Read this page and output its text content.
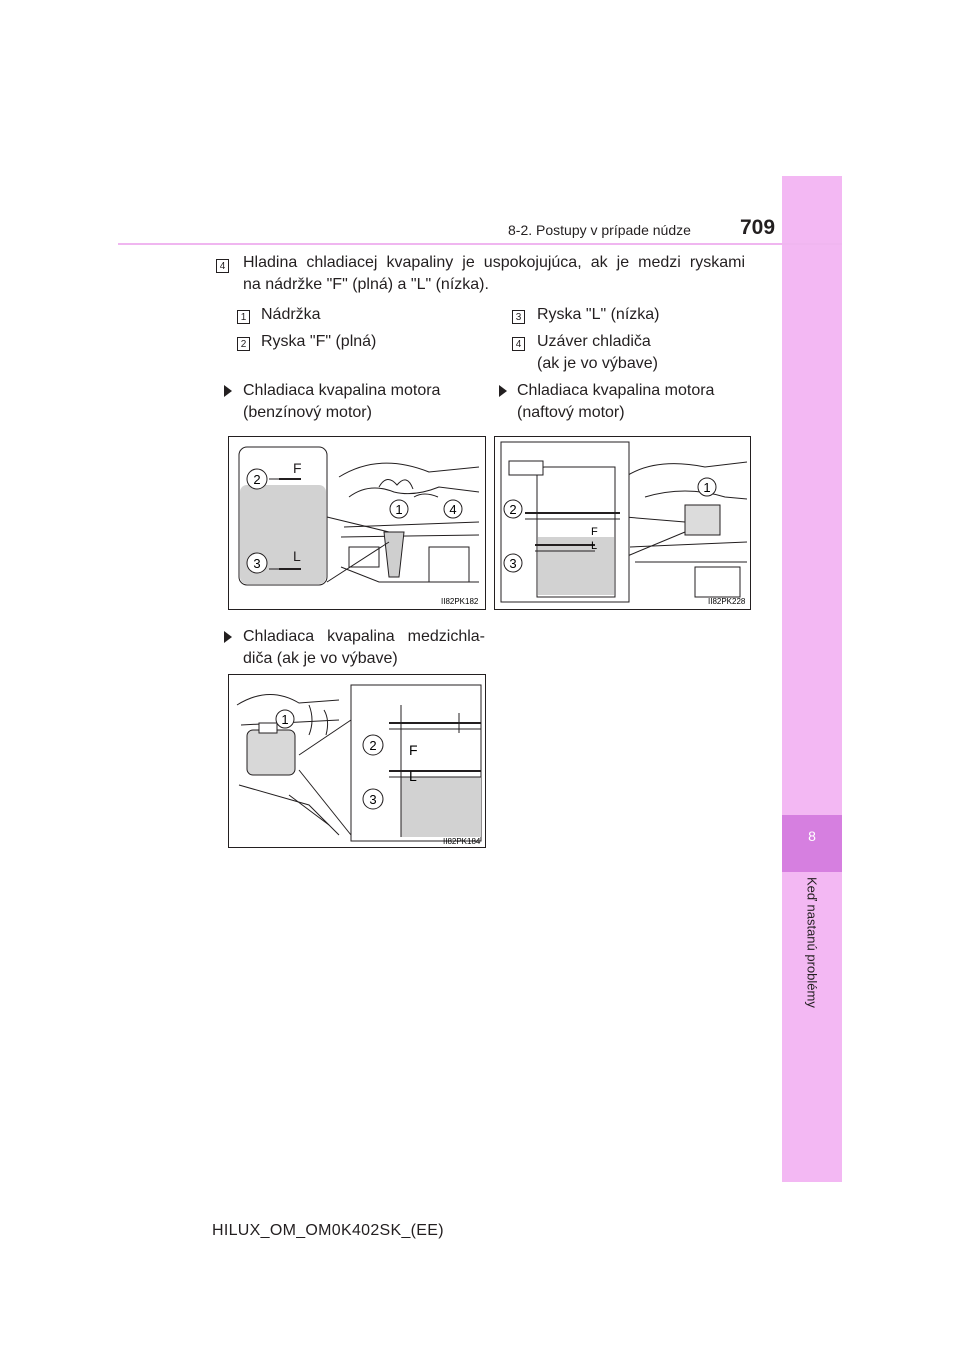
8
Keď nastanú problémy
8-2. Postupy v prípade núdze 709
4 Hladina chladiacej kvapaliny je uspokojujúca, ak je medzi ryskami
na nádržke "F" (plná) a "L" (nízka).
1 Nádržka
2 Ryska "F" (plná)
3 Ryska "L" (nízka)
4 Uzáver chladiča
(ak je vo výbave)
Chladiaca kvapalina motora
(benzínový motor)
Chladiaca kvapalina motora
(naftový motor)
F
L
2
3
1	4
II82PK182
F
L
2
3
1
II82PK228
Chladiaca kvapalina medzichla-
diča (ak je vo výbave)
F
L
2
3
1
II82PK184
HILUX_OM_OM0K402SK_(EE)
